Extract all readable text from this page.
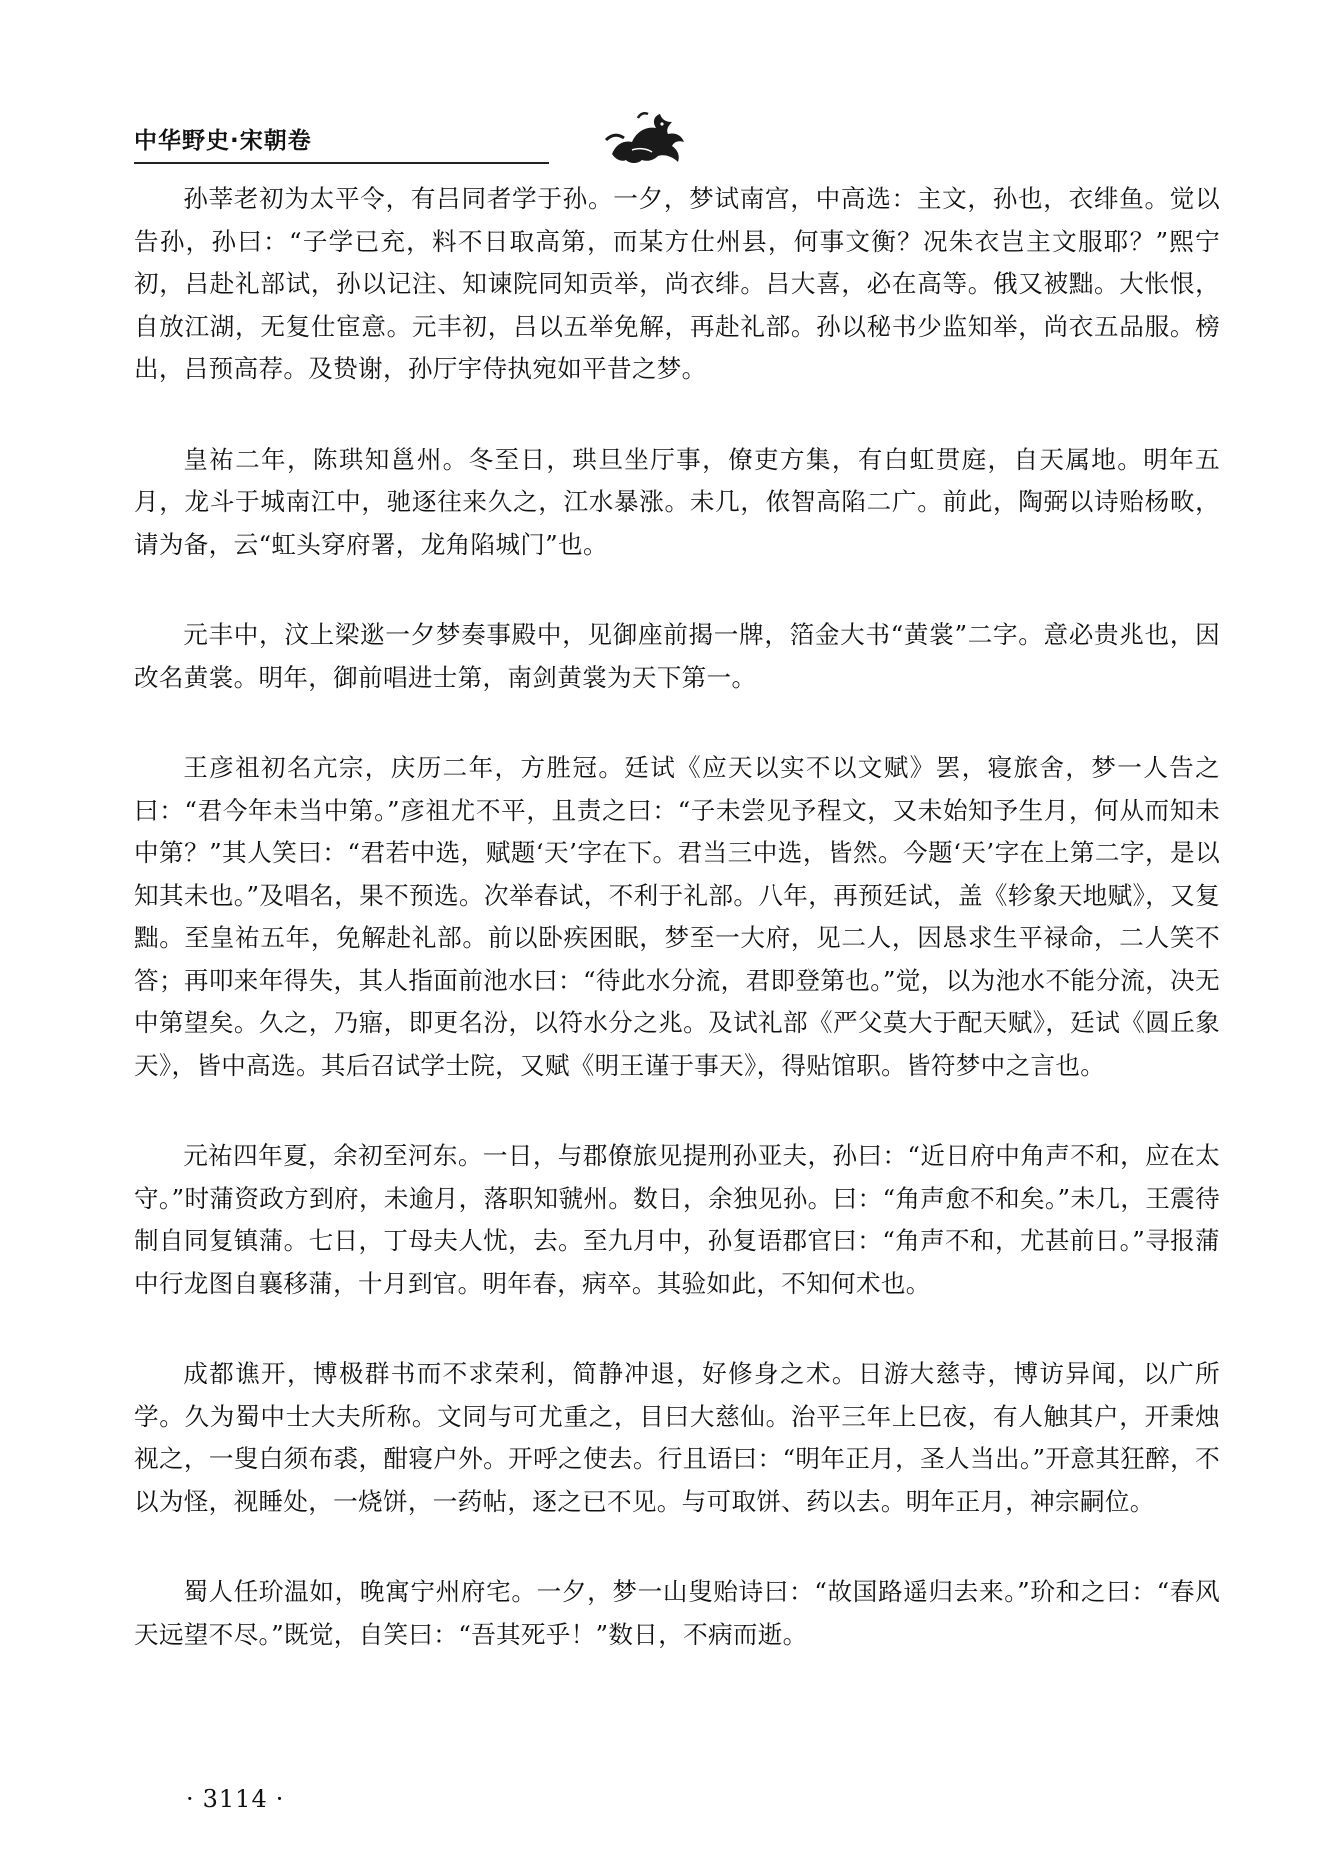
中华野史·宋朝卷

孙莘老初为太平令，有吕同者学于孙。一夕，梦试南宫，中高选：主文，孙也，衣绯鱼。觉以告孙，孙曰：“子学已充，料不日取高第，而某方仕州县，何事文衡？况朱衣岂主文服耶？”熙宁初，吕赴礼部试，孙以记注、知谏院同知贡举，尚衣绯。吕大喜，必在高等。俄又被黜。大怅恨，自放江湖，无复仕宦意。元丰初，吕以五举免解，再赴礼部。孙以秘书少监知举，尚衣五品服。榜出，吕预高荐。及贽谢，孙厅宇侍执宛如平昔之梦。

皇祐二年，陈珙知邕州。冬至日，珙旦坐厅事，僚吏方集，有白虹贯庭，自天属地。明年五月，龙斗于城南江中，驰逐往来久之，江水暴涨。未几，侬智高陷二广。前此，陶弼以诗贻杨畋，请为备，云“虹头穿府署，龙角陷城门”也。

元丰中，汶上梁逖一夕梦奏事殿中，见御座前揭一牌，箔金大书“黄裳”二字。意必贵兆也，因改名黄裳。明年，御前唱进士第，南剑黄裳为天下第一。

王彦祖初名亢宗，庆历二年，方胜冠。廷试《应天以实不以文赋》罢，寝旅舍，梦一人告之曰：“君今年未当中第。”彦祖尤不平，且责之曰：“子未尝见予程文，又未始知予生月，何从而知未中第？”其人笑曰：“君若中选，赋题‘天’字在下。君当三中选，皆然。今题‘天’字在上第二字，是以知其未也。”及唱名，果不预选。次举春试，不利于礼部。八年，再预廷试，盖《轸象天地赋》，又复黜。至皇祐五年，免解赴礼部。前以卧疾困眠，梦至一大府，见二人，因恳求生平禄命，二人笑不答；再叩来年得失，其人指面前池水曰：“待此水分流，君即登第也。”觉，以为池水不能分流，决无中第望矣。久之，乃寤，即更名汾，以符水分之兆。及试礼部《严父莫大于配天赋》，廷试《圆丘象天》，皆中高选。其后召试学士院，又赋《明王谨于事天》，得贴馆职。皆符梦中之言也。

元祐四年夏，余初至河东。一日，与郡僚旅见提刑孙亚夫，孙曰：“近日府中角声不和，应在太守。”时蒲资政方到府，未逾月，落职知虢州。数日，余独见孙。曰：“角声愈不和矣。”未几，王震待制自同复镇蒲。七日，丁母夫人忧，去。至九月中，孙复语郡官曰：“角声不和，尤甚前日。”寻报蒲中行龙图自襄移蒲，十月到官。明年春，病卒。其验如此，不知何术也。

成都谯开，博极群书而不求荣利，简静冲退，好修身之术。日游大慈寺，博访异闻，以广所学。久为蜀中士大夫所称。文同与可尤重之，目曰大慈仙。治平三年上巳夜，有人触其户，开秉烛视之，一叟白须布裘，酣寝户外。开呼之使去。行且语曰：“明年正月，圣人当出。”开意其狂醉，不以为怪，视睡处，一烧饼，一药帖，逐之已不见。与可取饼、药以去。明年正月，神宗嗣位。

蜀人任玠温如，晚寓宁州府宅。一夕，梦一山叟贻诗曰：“故国路遥归去来。”玠和之曰：“春风天远望不尽。”既觉，自笑曰：“吾其死乎！”数日，不病而逝。

· 3114 ·
